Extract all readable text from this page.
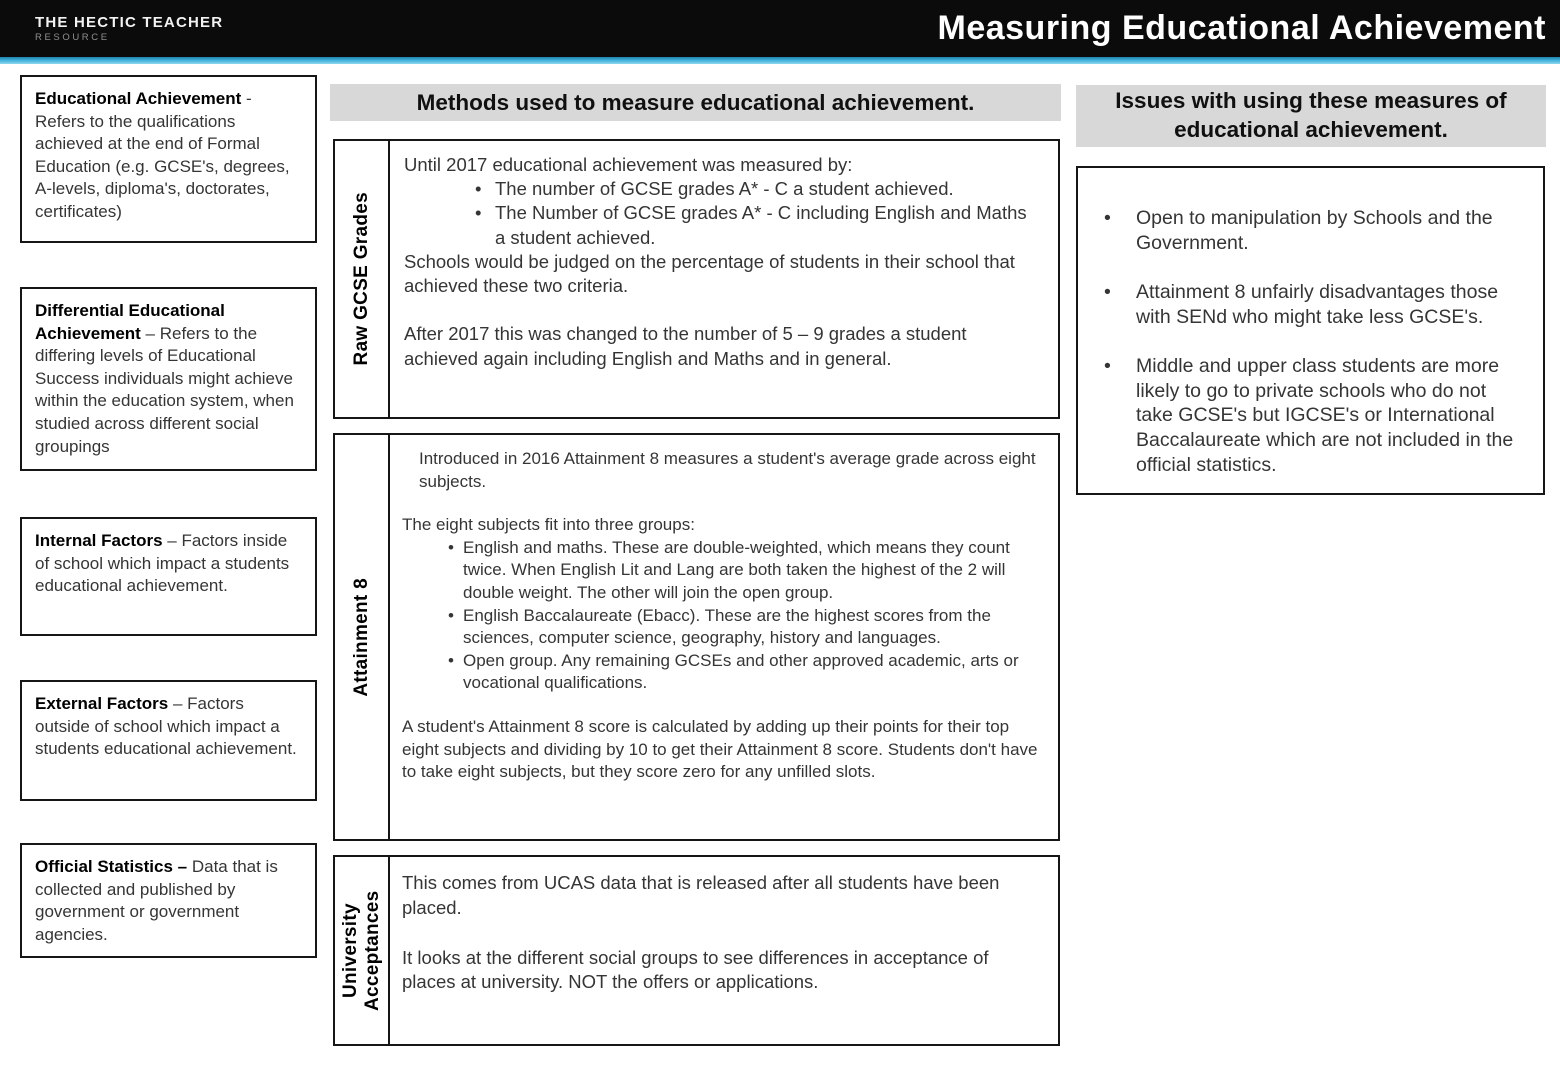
THE HECTIC TEACHER
RESOURCE	Measuring Educational Achievement
Educational Achievement - Refers to the qualifications achieved at the end of Formal Education (e.g. GCSE's, degrees, A-levels, diploma's, doctorates, certificates)
Differential Educational Achievement – Refers to the differing levels of Educational Success individuals might achieve within the education system, when studied across different social groupings
Internal Factors – Factors inside of school which impact a students educational achievement.
External Factors – Factors outside of school which impact a students educational achievement.
Official Statistics – Data that is collected and published by government or government agencies.
Methods used to measure educational achievement.
Raw GCSE Grades

Until 2017 educational achievement was measured by:

• The number of GCSE grades A* - C a student achieved.
• The Number of GCSE grades A* - C including English and Maths a student achieved.

Schools would be judged on the percentage of students in their school that achieved these two criteria.

After 2017 this was changed to the number of 5 – 9 grades a student achieved again including English and Maths and in general.

Attainment 8

Introduced in 2016 Attainment 8 measures a student's average grade across eight subjects.

The eight subjects fit into three groups:

• English and maths. These are double-weighted, which means they count twice. When English Lit and Lang are both taken the highest of the 2 will double weight. The other will join the open group.
• English Baccalaureate (Ebacc). These are the highest scores from the sciences, computer science, geography, history and languages.
• Open group. Any remaining GCSEs and other approved academic, arts or vocational qualifications.

A student's Attainment 8 score is calculated by adding up their points for their top eight subjects and dividing by 10 to get their Attainment 8 score. Students don't have to take eight subjects, but they score zero for any unfilled slots.

University Acceptances

This comes from UCAS data that is released after all students have been placed.

It looks at the different social groups to see differences in acceptance of places at university. NOT the offers or applications.

Issues with using these measures of educational achievement.
• Open to manipulation by Schools and the Government.
• Attainment 8 unfairly disadvantages those with SENd who might take less GCSE's.
• Middle and upper class students are more likely to go to private schools who do not take GCSE's but IGCSE's or International Baccalaureate which are not included in the official statistics.
